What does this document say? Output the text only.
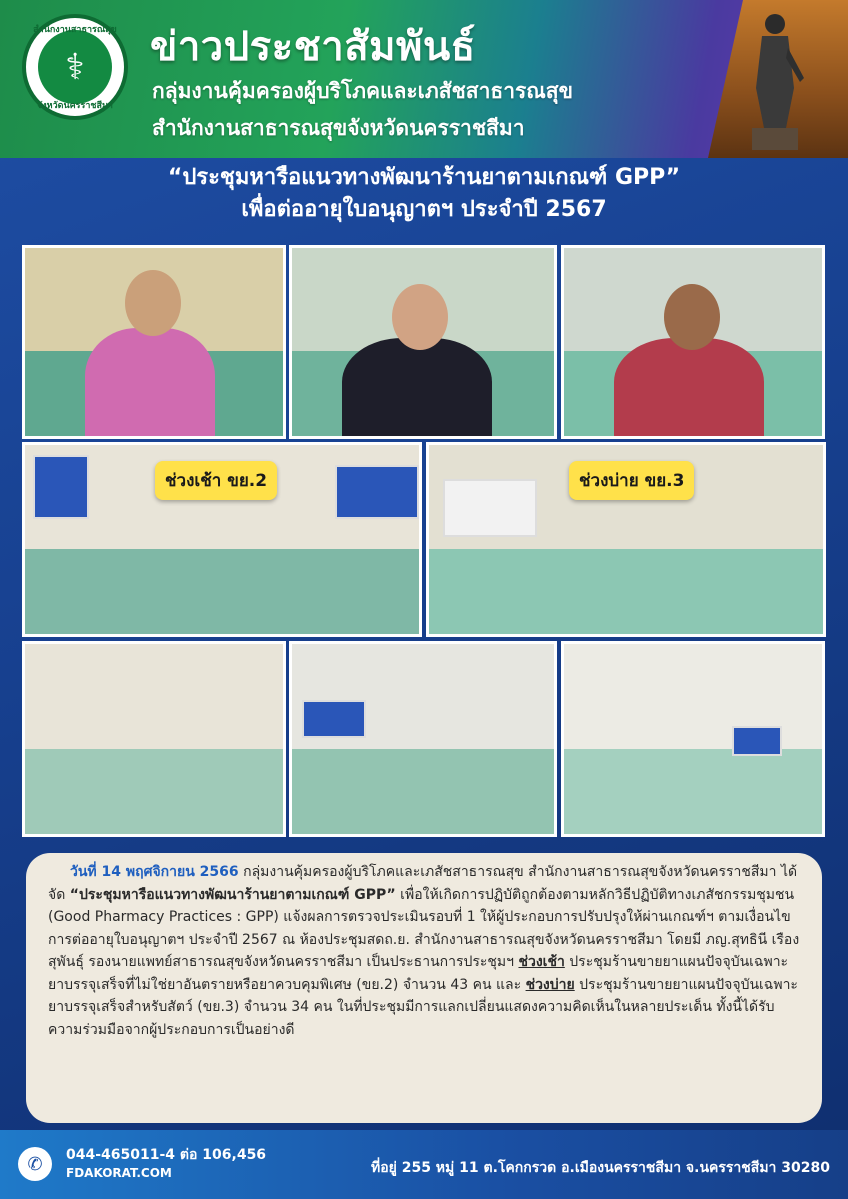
สำนักงานสาธารณสุข
⚕
จังหวัดนครราชสีมา
ข่าวประชาสัมพันธ์
กลุ่มงานคุ้มครองผู้บริโภคและเภสัชสาธารณสุข
สำนักงานสาธารณสุขจังหวัดนครราชสีมา
“ประชุมหารือแนวทางพัฒนาร้านยาตามเกณฑ์ GPP”
เพื่อต่ออายุใบอนุญาตฯ ประจำปี 2567
ช่วงเช้า ขย.2	ช่วงบ่าย ขย.3

วันที่ 14 พฤศจิกายน 2566 กลุ่มงานคุ้มครองผู้บริโภคและเภสัชสาธารณสุข สำนักงานสาธารณสุขจังหวัดนครราชสีมา ได้จัด “ประชุมหารือแนวทางพัฒนาร้านยาตามเกณฑ์ GPP” เพื่อให้เกิดการปฏิบัติถูกต้องตามหลักวิธีปฏิบัติทางเภสัชกรรมชุมชน (Good Pharmacy Practices : GPP) แจ้งผลการตรวจประเมินรอบที่ 1 ให้ผู้ประกอบการปรับปรุงให้ผ่านเกณฑ์ฯ ตามเงื่อนไขการต่ออายุใบอนุญาตฯ ประจำปี 2567 ณ ห้องประชุมสดถ.ย. สำนักงานสาธารณสุขจังหวัดนครราชสีมา โดยมี ภญ.สุทธินี เรืองสุพันธุ์ รองนายแพทย์สาธารณสุขจังหวัดนครราชสีมา เป็นประธานการประชุมฯ ช่วงเช้า ประชุมร้านขายยาแผนปัจจุบันเฉพาะยาบรรจุเสร็จที่ไม่ใช่ยาอันตรายหรือยาควบคุมพิเศษ (ขย.2) จำนวน 43 คน และ ช่วงบ่าย ประชุมร้านขายยาแผนปัจจุบันเฉพาะยาบรรจุเสร็จสำหรับสัตว์ (ขย.3) จำนวน 34 คน ในที่ประชุมมีการแลกเปลี่ยนแสดงความคิดเห็นในหลายประเด็น ทั้งนี้ได้รับความร่วมมือจากผู้ประกอบการเป็นอย่างดี

✆	044-465011-4 ต่อ 106,456
FDAKORAT.COM	ที่อยู่ 255 หมู่ 11 ต.โคกกรวด อ.เมืองนครราชสีมา จ.นครราชสีมา 30280
